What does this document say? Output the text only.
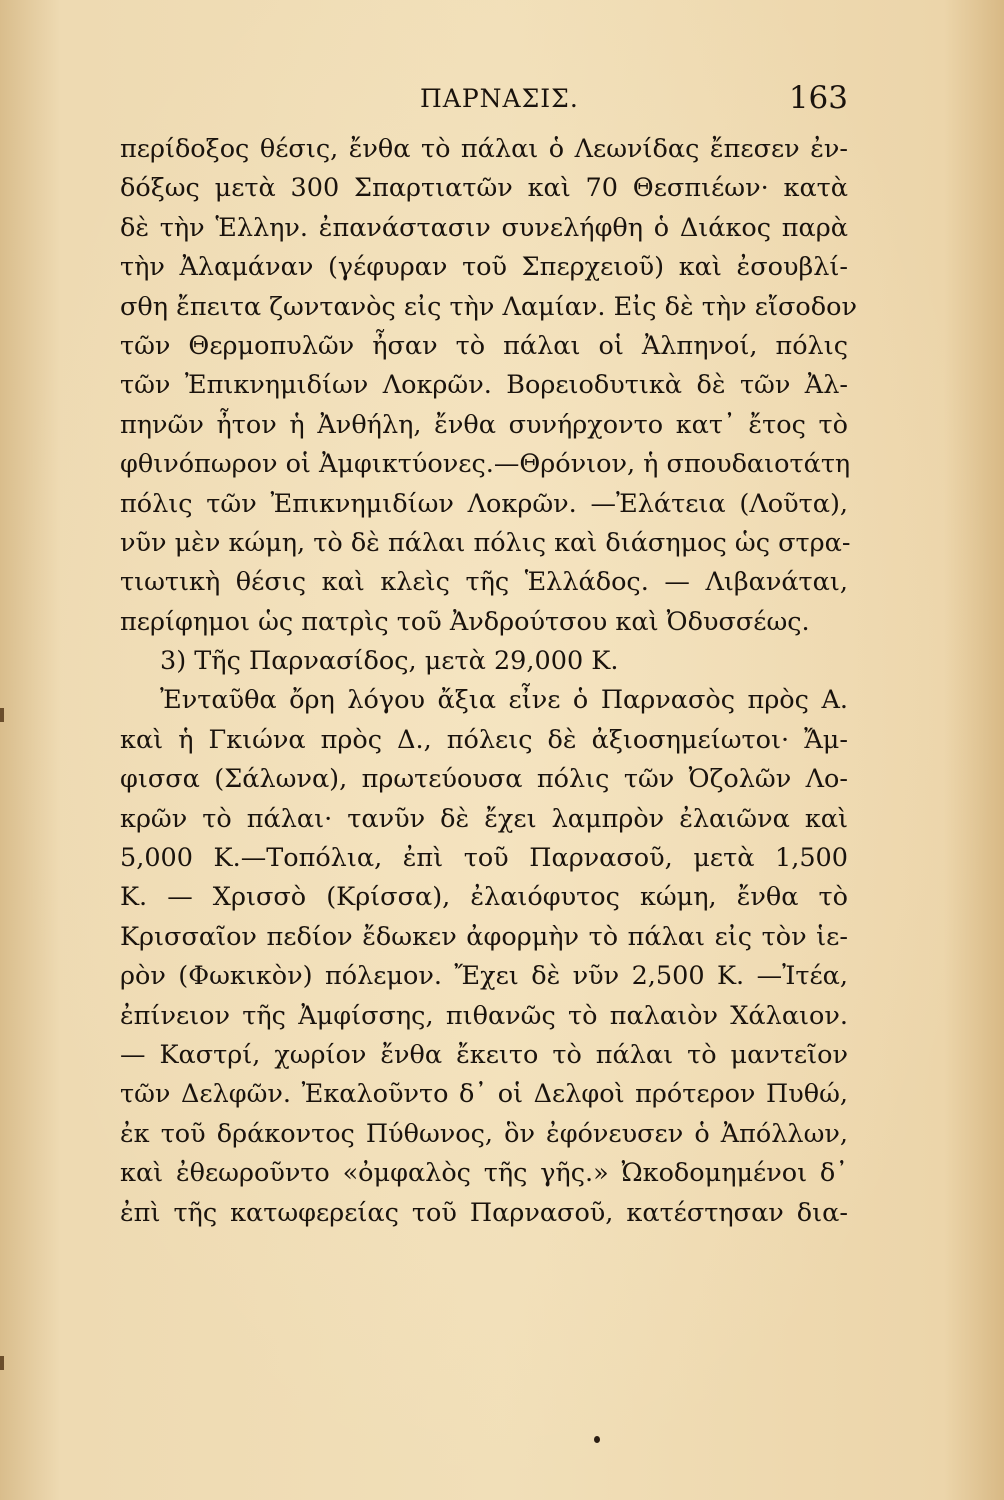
ΠΑΡΝΑΣΙΣ.	163
περίδοξος θέσις, ἔνθα τὸ πάλαι ὁ Λεωνίδας ἔπεσεν ἐν-
δόξως μετὰ 300 Σπαρτιατῶν καὶ 70 Θεσπιέων· κατὰ
δὲ τὴν Ἑλλην. ἐπανάστασιν συνελήφθη ὁ Διάκος παρὰ
τὴν Ἀλαμάναν (γέφυραν τοῦ Σπερχειοῦ) καὶ ἐσουβλί-
σθη ἔπειτα ζωντανὸς εἰς τὴν Λαμίαν. Εἰς δὲ τὴν εἴσοδον
τῶν Θερμοπυλῶν ἦσαν τὸ πάλαι οἱ Ἀλπηνοί, πόλις
τῶν Ἐπικνημιδίων Λοκρῶν. Βορειοδυτικὰ δὲ τῶν Ἀλ-
πηνῶν ἦτον ἡ Ἀνθήλη, ἔνθα συνήρχοντο κατ᾽ ἔτος τὸ
φθινόπωρον οἱ Ἀμφικτύονες.—Θρόνιον, ἡ σπουδαιοτάτη
πόλις τῶν Ἐπικνημιδίων Λοκρῶν. —Ἐλάτεια (Λοῦτα),
νῦν μὲν κώμη, τὸ δὲ πάλαι πόλις καὶ διάσημος ὡς στρα-
τιωτικὴ θέσις καὶ κλεὶς τῆς Ἑλλάδος. — Λιβανάται,
περίφημοι ὡς πατρὶς τοῦ Ἀνδρούτσου καὶ Ὀδυσσέως.
3) Τῆς Παρνασίδος, μετὰ 29,000 Κ.
Ἐνταῦθα ὄρη λόγου ἄξια εἶνε ὁ Παρνασὸς πρὸς Α.
καὶ ἡ Γκιώνα πρὸς Δ., πόλεις δὲ ἀξιοσημείωτοι· Ἄμ-
φισσα (Σάλωνα), πρωτεύουσα πόλις τῶν Ὀζολῶν Λο-
κρῶν τὸ πάλαι· τανῦν δὲ ἔχει λαμπρὸν ἐλαιῶνα καὶ
5,000 Κ.—Τοπόλια, ἐπὶ τοῦ Παρνασοῦ, μετὰ 1,500
Κ. — Χρισσὸ (Κρίσσα), ἐλαιόφυτος κώμη, ἔνθα τὸ
Κρισσαῖον πεδίον ἔδωκεν ἀφορμὴν τὸ πάλαι εἰς τὸν ἱε-
ρὸν (Φωκικὸν) πόλεμον. Ἔχει δὲ νῦν 2,500 Κ. —Ἰτέα,
ἐπίνειον τῆς Ἀμφίσσης, πιθανῶς τὸ παλαιὸν Χάλαιον.
— Καστρί, χωρίον ἔνθα ἔκειτο τὸ πάλαι τὸ μαντεῖον
τῶν Δελφῶν. Ἐκαλοῦντο δ᾽ οἱ Δελφοὶ πρότερον Πυθώ,
ἐκ τοῦ δράκοντος Πύθωνος, ὃν ἐφόνευσεν ὁ Ἀπόλλων,
καὶ ἐθεωροῦντο «ὀμφαλὸς τῆς γῆς.» Ὠκοδομημένοι δ᾽
ἐπὶ τῆς κατωφερείας τοῦ Παρνασοῦ, κατέστησαν δια-
